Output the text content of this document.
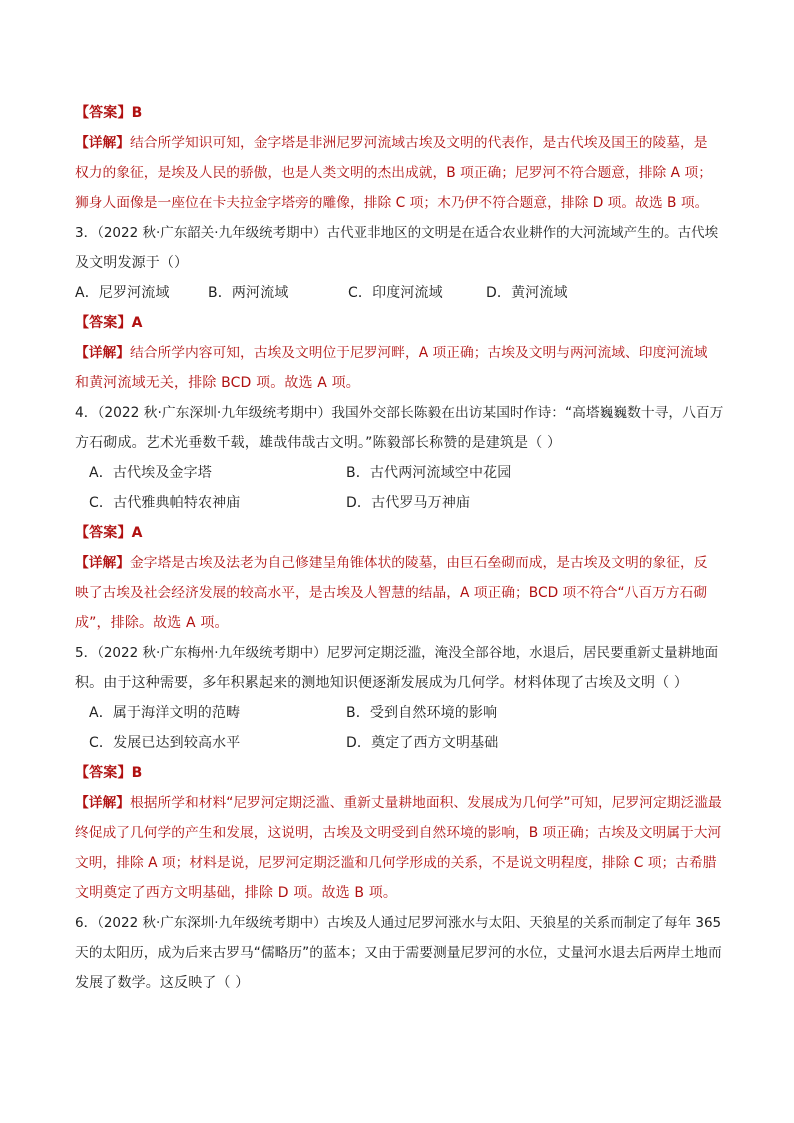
【答案】B
【详解】结合所学知识可知，金字塔是非洲尼罗河流域古埃及文明的代表作，是古代埃及国王的陵墓，是
权力的象征，是埃及人民的骄傲，也是人类文明的杰出成就，B 项正确；尼罗河不符合题意，排除 A 项；
狮身人面像是一座位在卡夫拉金字塔旁的雕像，排除 C 项；木乃伊不符合题意，排除 D 项。故选 B 项。
3．（2022 秋·广东韶关·九年级统考期中）古代亚非地区的文明是在适合农业耕作的大河流域产生的。古代埃
及文明发源于（）
A．尼罗河流域	B．两河流域	C．印度河流域	D．黄河流域
【答案】A
【详解】结合所学内容可知，古埃及文明位于尼罗河畔，A 项正确；古埃及文明与两河流域、印度河流域
和黄河流域无关，排除 BCD 项。故选 A 项。
4．（2022 秋·广东深圳·九年级统考期中）我国外交部长陈毅在出访某国时作诗：“高塔巍巍数十寻，八百万
方石砌成。艺术光垂数千载，雄哉伟哉古文明。”陈毅部长称赞的是建筑是（ ）
A．古代埃及金字塔	B．古代两河流域空中花园
C．古代雅典帕特农神庙	D．古代罗马万神庙
【答案】A
【详解】金字塔是古埃及法老为自己修建呈角锥体状的陵墓，由巨石垒砌而成，是古埃及文明的象征，反
映了古埃及社会经济发展的较高水平，是古埃及人智慧的结晶，A 项正确；BCD 项不符合“八百万方石砌
成”，排除。故选 A 项。
5．（2022 秋·广东梅州·九年级统考期中）尼罗河定期泛滥，淹没全部谷地，水退后，居民要重新丈量耕地面
积。由于这种需要，多年积累起来的测地知识便逐渐发展成为几何学。材料体现了古埃及文明（ ）
A．属于海洋文明的范畴	B．受到自然环境的影响
C．发展已达到较高水平	D．奠定了西方文明基础
【答案】B
【详解】根据所学和材料“尼罗河定期泛滥、重新丈量耕地面积、发展成为几何学”可知，尼罗河定期泛滥最
终促成了几何学的产生和发展，这说明，古埃及文明受到自然环境的影响，B 项正确；古埃及文明属于大河
文明，排除 A 项；材料是说，尼罗河定期泛滥和几何学形成的关系，不是说文明程度，排除 C 项；古希腊
文明奠定了西方文明基础，排除 D 项。故选 B 项。
6．（2022 秋·广东深圳·九年级统考期中）古埃及人通过尼罗河涨水与太阳、天狼星的关系而制定了每年 365
天的太阳历，成为后来古罗马“儒略历”的蓝本；又由于需要测量尼罗河的水位，丈量河水退去后两岸土地而
发展了数学。这反映了（ ）
